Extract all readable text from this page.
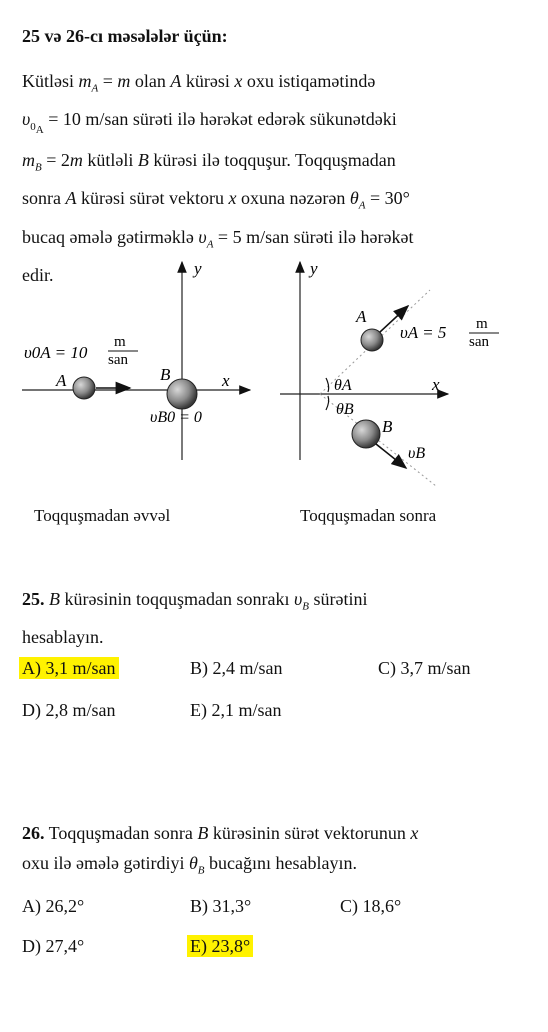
25 və 26-cı məsələlər üçün:
Kütləsi $m_A = m$ olan A kürəsi x oxu istiqamətində
$\upsilon_{0_A} = 10$ m/san sürəti ilə hərəkət edərək sükunətdəki
$m_B = 2m$ kütləli B kürəsi ilə toqquşur. Toqquşmadan
sonra A kürəsi sürət vektoru x oxuna nəzərən $\theta_A = 30^\circ$
bucaq əmələ gətirməklə $\upsilon_A = 5$ m/san sürəti ilə hərəkət
edir.	y
x
υ0A = 10
m
san
A	B
υB0 = 0
Toqquşmadan əvvəl
y
x
A
υA = 5 m
san
θA
θB
B
υB
Toqquşmadan sonra
25. B kürəsinin toqquşmadan sonrakı $\upsilon_B$ sürətini
hesablayın.
A) 3,1 m/san	B) 2,4 m/san	C) 3,7 m/san
D) 2,8 m/san	E) 2,1 m/san
26. Toqquşmadan sonra B kürəsinin sürət vektorunun x
oxu ilə əmələ gətirdiyi $\theta_B$ bucağını hesablayın.
A) 26,2°	B) 31,3°	C) 18,6°
D) 27,4°	E) 23,8°
